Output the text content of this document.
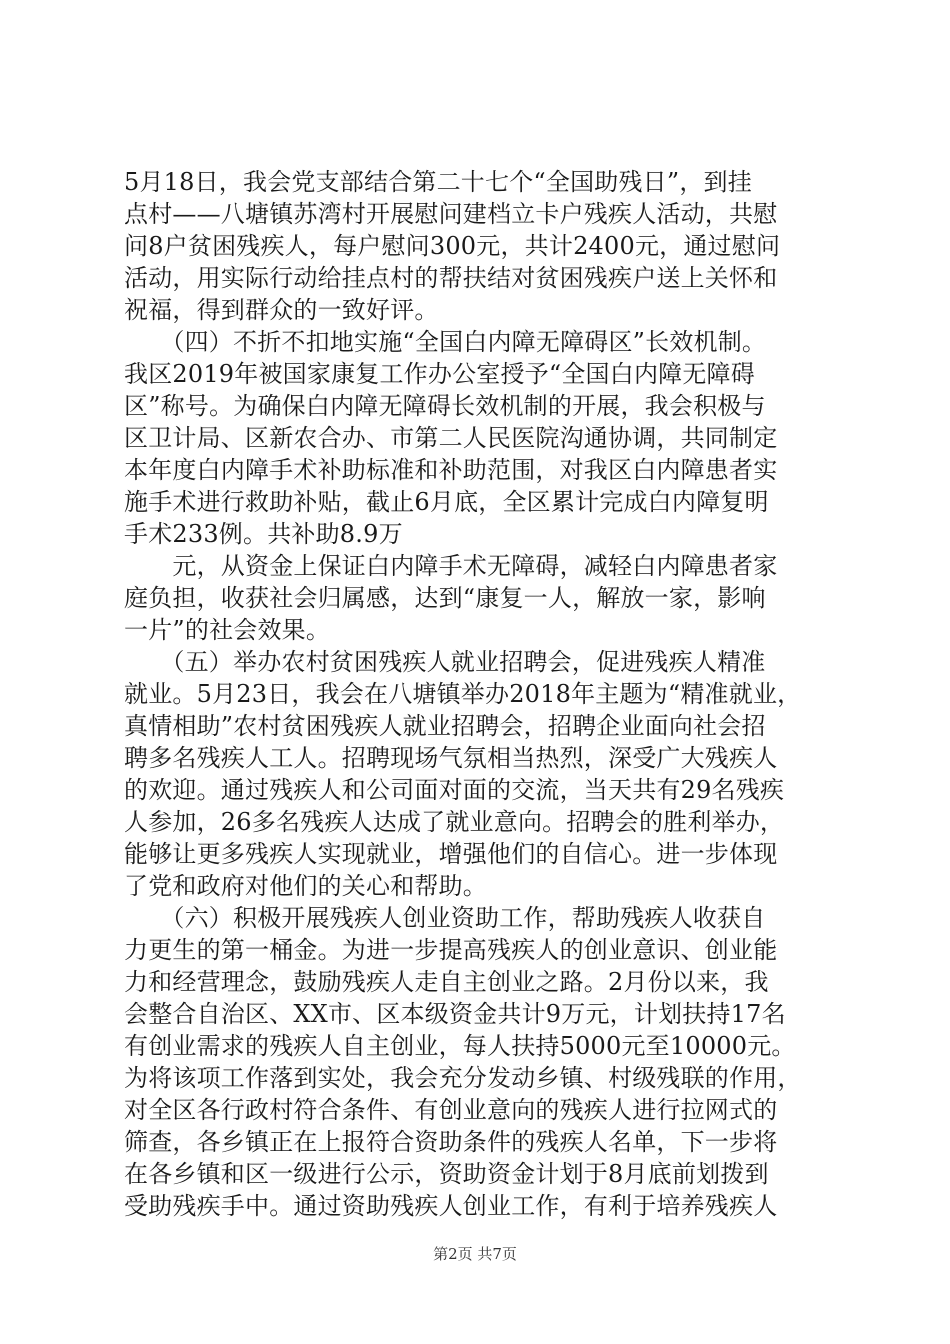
5月18日，我会党支部结合第二十七个“全国助残日”，到挂
点村——八塘镇苏湾村开展慰问建档立卡户残疾人活动，共慰
问8户贫困残疾人，每户慰问300元，共计2400元，通过慰问
活动，用实际行动给挂点村的帮扶结对贫困残疾户送上关怀和
祝福，得到群众的一致好评。
　　（四）不折不扣地实施“全国白内障无障碍区”长效机制。
我区2019年被国家康复工作办公室授予“全国白内障无障碍
区”称号。为确保白内障无障碍长效机制的开展，我会积极与
区卫计局、区新农合办、市第二人民医院沟通协调，共同制定
本年度白内障手术补助标准和补助范围，对我区白内障患者实
施手术进行救助补贴，截止6月底，全区累计完成白内障复明
手术233例。共补助8.9万
　　元，从资金上保证白内障手术无障碍，减轻白内障患者家
庭负担，收获社会归属感，达到“康复一人，解放一家，影响
一片”的社会效果。
　　（五）举办农村贫困残疾人就业招聘会，促进残疾人精准
就业。5月23日，我会在八塘镇举办2018年主题为“精准就业，
真情相助”农村贫困残疾人就业招聘会，招聘企业面向社会招
聘多名残疾人工人。招聘现场气氛相当热烈，深受广大残疾人
的欢迎。通过残疾人和公司面对面的交流，当天共有29名残疾
人参加，26多名残疾人达成了就业意向。招聘会的胜利举办，
能够让更多残疾人实现就业，增强他们的自信心。进一步体现
了党和政府对他们的关心和帮助。
　　（六）积极开展残疾人创业资助工作，帮助残疾人收获自
力更生的第一桶金。为进一步提高残疾人的创业意识、创业能
力和经营理念，鼓励残疾人走自主创业之路。2月份以来，我
会整合自治区、XX市、区本级资金共计9万元，计划扶持17名
有创业需求的残疾人自主创业，每人扶持5000元至10000元。
为将该项工作落到实处，我会充分发动乡镇、村级残联的作用，
对全区各行政村符合条件、有创业意向的残疾人进行拉网式的
筛查，各乡镇正在上报符合资助条件的残疾人名单，下一步将
在各乡镇和区一级进行公示，资助资金计划于8月底前划拨到
受助残疾手中。通过资助残疾人创业工作，有利于培养残疾人
第2页 共7页
